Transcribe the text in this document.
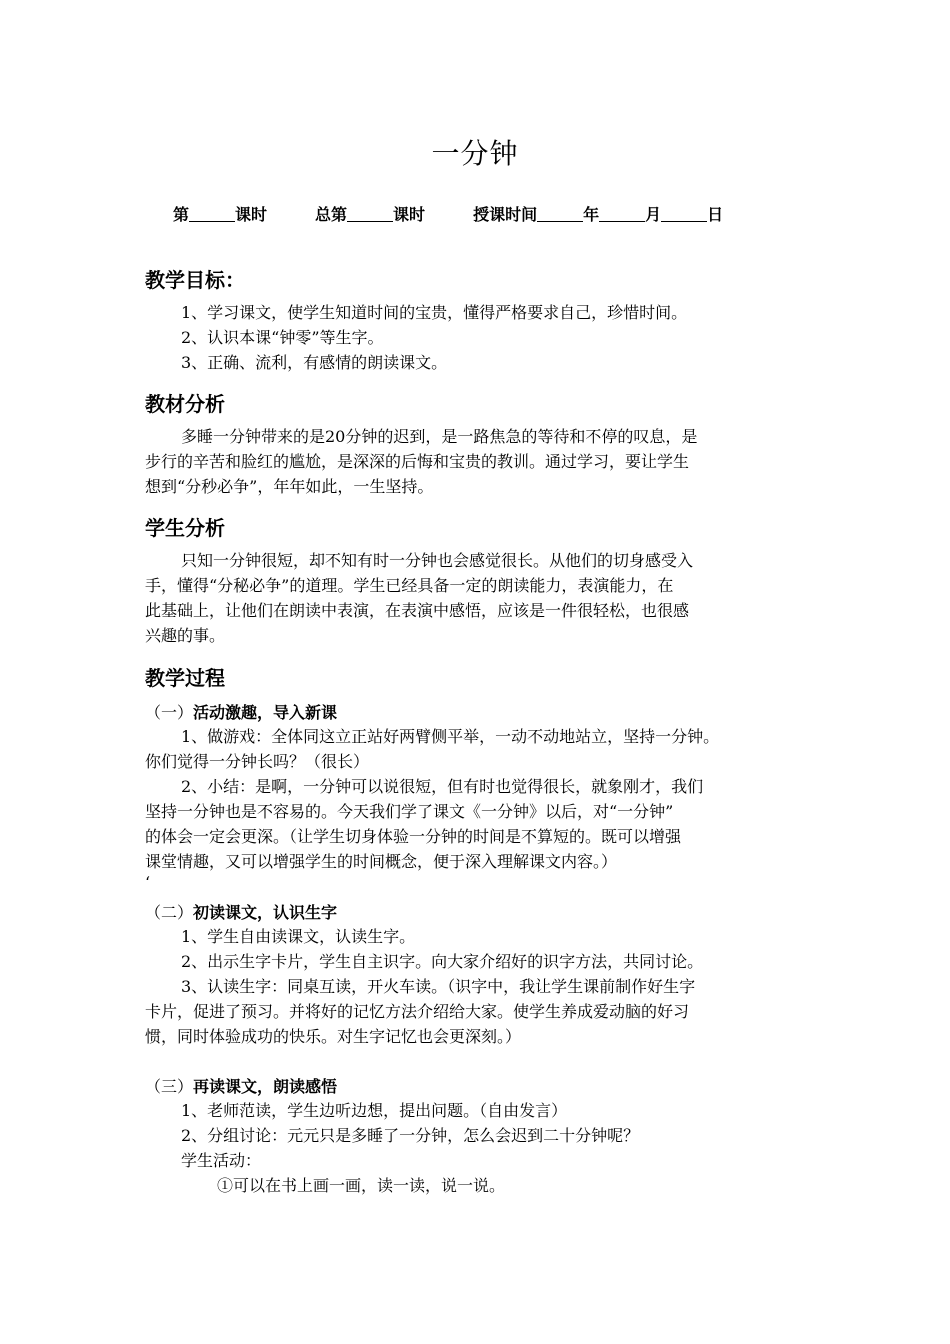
一分钟
第	课时	总第	课时	授课时间	年	月	日
教学目标：
1、学习课文，使学生知道时间的宝贵，懂得严格要求自己，珍惜时间。
2、认识本课“钟零”等生字。
3、正确、流利，有感情的朗读课文。
教材分析
多睡一分钟带来的是20分钟的迟到，是一路焦急的等待和不停的叹息，是
步行的辛苦和脸红的尴尬，是深深的后悔和宝贵的教训。通过学习，要让学生
想到“分秒必争”，年年如此，一生坚持。
学生分析
只知一分钟很短，却不知有时一分钟也会感觉很长。从他们的切身感受入
手，懂得“分秘必争”的道理。学生已经具备一定的朗读能力，表演能力，在
此基础上，让他们在朗读中表演，在表演中感悟，应该是一件很轻松，也很感
兴趣的事。
教学过程
（一）活动激趣，导入新课
1、做游戏：全体同这立正站好两臂侧平举，一动不动地站立，坚持一分钟。
你们觉得一分钟长吗？（很长）
2、小结：是啊，一分钟可以说很短，但有时也觉得很长，就象刚才，我们
坚持一分钟也是不容易的。今天我们学了课文《一分钟》以后，对“一分钟”
的体会一定会更深。（让学生切身体验一分钟的时间是不算短的。既可以增强
课堂情趣，又可以增强学生的时间概念，便于深入理解课文内容。）
‘
（二）初读课文，认识生字
1、学生自由读课文，认读生字。
2、出示生字卡片，学生自主识字。向大家介绍好的识字方法，共同讨论。
3、认读生字：同桌互读，开火车读。（识字中，我让学生课前制作好生字
卡片，促进了预习。并将好的记忆方法介绍给大家。使学生养成爱动脑的好习
惯，同时体验成功的快乐。对生字记忆也会更深刻。）
（三）再读课文，朗读感悟
1、老师范读，学生边听边想，提出问题。（自由发言）
2、分组讨论：元元只是多睡了一分钟，怎么会迟到二十分钟呢？
学生活动：
①可以在书上画一画，读一读，说一说。
